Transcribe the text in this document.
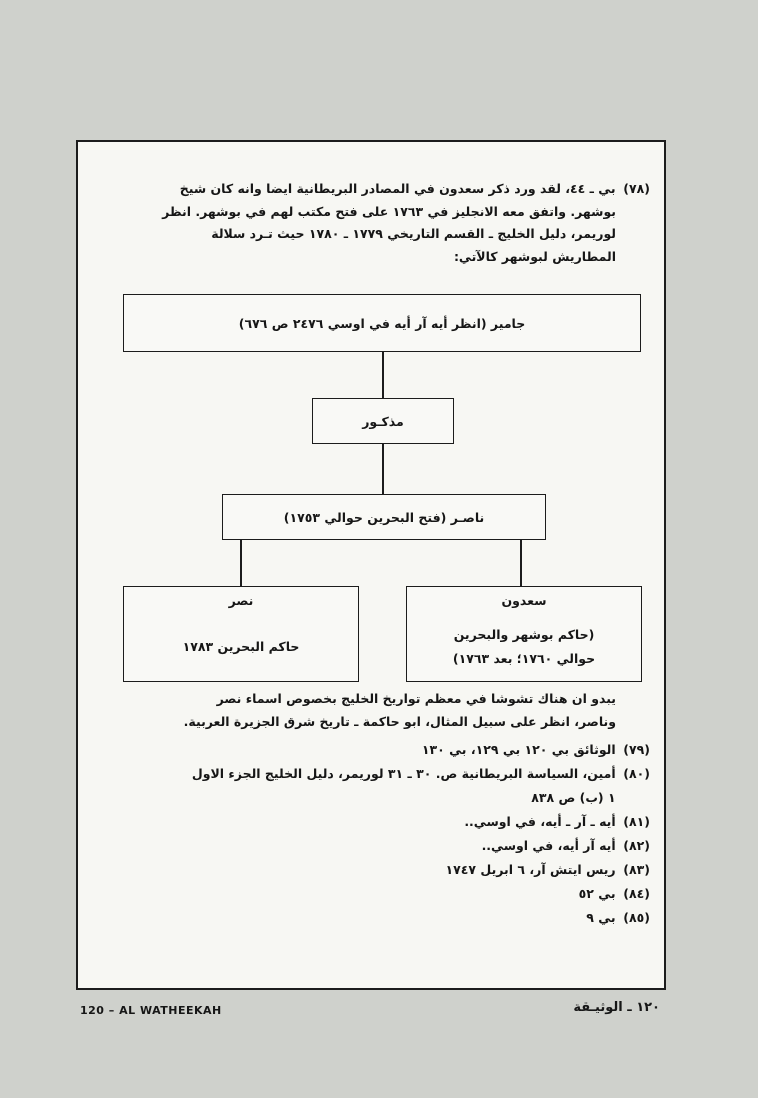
(٧٨) بي ـ ٤٤، لقد ورد ذكر سعدون في المصادر البريطانية ايضا وانه كان شيخ
بوشهر. واتفق معه الانجليز في ١٧٦٣ على فتح مكتب لهم في بوشهر. انظر
لوريمر، دليل الخليج ـ القسم التاريخي ١٧٧٩ ـ ١٧٨٠ حيث تـرد سلالة
المطاريش لبوشهر كالآتي:
جامير (انظر أيه آر أيه في اوسي ٢٤٧٦ ص ٦٧٦)
مذكـور
ناصـر (فتح البحرين حوالي ١٧٥٣)
نصر
حاكم البحرين ١٧٨٣
سعدون
(حاكم بوشهر والبحرين
حوالي ١٧٦٠؛ بعد ١٧٦٣)
يبدو ان هناك تشوشا في معظم تواريخ الخليج بخصوص اسماء نصر
وناصر، انظر على سبيل المثال، ابو حاكمة ـ تاريخ شرق الجزيرة العربية.
(٧٩) الوثائق بي ١٢٠ بي ١٢٩، بي ١٣٠
(٨٠) أمين، السياسة البريطانية ص. ٣٠ ـ ٣١ لوريمر، دليل الخليج الجزء الاول
١ (ب) ص ٨٣٨
(٨١) أيه ـ آر ـ أيه، في اوسي..
(٨٢) أيه آر أيه، في اوسي..
(٨٣) ريس ايتش آر، ٦ ابريل ١٧٤٧
(٨٤) بي ٥٢
(٨٥) بي ٩
120 – AL WATHEEKAH	١٢٠ ـ الوثيـقة
